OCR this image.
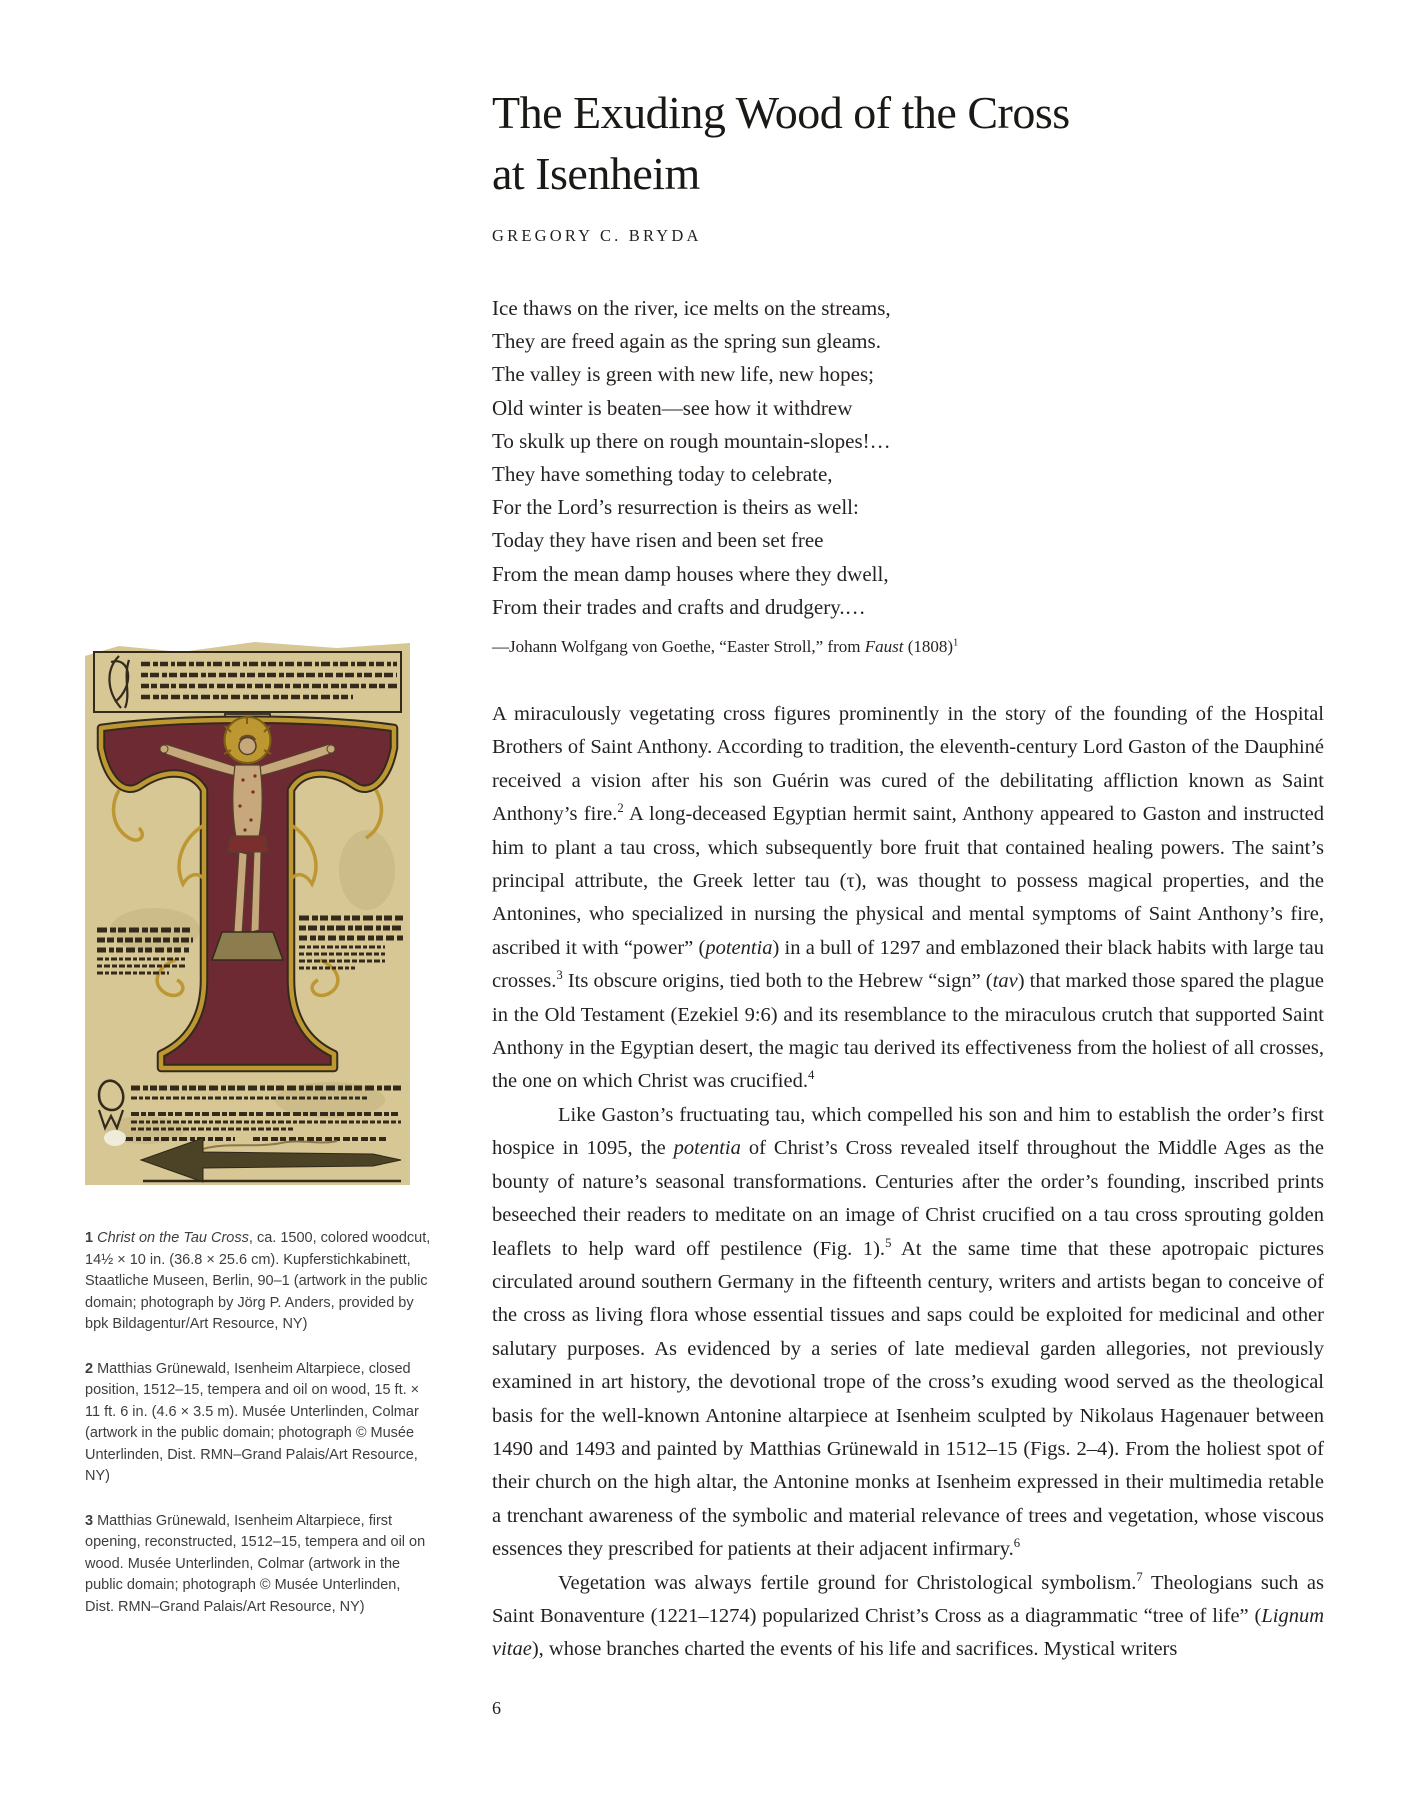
1 Christ on the Tau Cross, ca. 1500, colored woodcut, 14½ × 10 in. (36.8 × 25.6 cm). Kupferstichkabinett, Staatliche Museen, Berlin, 90–1 (artwork in the public domain; photograph by Jörg P. Anders, provided by bpk Bildagentur/Art Resource, NY)

2 Matthias Grünewald, Isenheim Altarpiece, closed position, 1512–15, tempera and oil on wood, 15 ft. × 11 ft. 6 in. (4.6 × 3.5 m). Musée Unterlinden, Colmar (artwork in the public domain; photograph © Musée Unterlinden, Dist. RMN–Grand Palais/Art Resource, NY)

3 Matthias Grünewald, Isenheim Altarpiece, first opening, reconstructed, 1512–15, tempera and oil on wood. Musée Unterlinden, Colmar (artwork in the public domain; photograph © Musée Unterlinden, Dist. RMN–Grand Palais/Art Resource, NY)

The Exuding Wood of the Cross
at Isenheim
GREGORY C. BRYDA
Ice thaws on the river, ice melts on the streams,
They are freed again as the spring sun gleams.
The valley is green with new life, new hopes;
Old winter is beaten—see how it withdrew
To skulk up there on rough mountain-slopes!…
They have something today to celebrate,
For the Lord’s resurrection is theirs as well:
Today they have risen and been set free
From the mean damp houses where they dwell,
From their trades and crafts and drudgery.…
—Johann Wolfgang von Goethe, “Easter Stroll,” from Faust $(1808)^1$

A miraculously vegetating cross figures prominently in the story of the founding of the Hospital Brothers of Saint Anthony. According to tradition, the eleventh-century Lord Gaston of the Dauphiné received a vision after his son Guérin was cured of the debilitating affliction known as Saint Anthony’s fire.$^2$ A long-deceased Egyptian hermit saint, Anthony appeared to Gaston and instructed him to plant a tau cross, which subsequently bore fruit that contained healing powers. The saint’s principal attribute, the Greek letter tau (τ), was thought to possess magical properties, and the Antonines, who specialized in nursing the physical and mental symptoms of Saint Anthony’s fire, ascribed it with “power” (potentia) in a bull of 1297 and emblazoned their black habits with large tau crosses.$^3$ Its obscure origins, tied both to the Hebrew “sign” (tav) that marked those spared the plague in the Old Testament (Ezekiel 9:6) and its resemblance to the miraculous crutch that supported Saint Anthony in the Egyptian desert, the magic tau derived its effectiveness from the holiest of all crosses, the one on which Christ was crucified.$^4$

Like Gaston’s fructuating tau, which compelled his son and him to establish the order’s first hospice in 1095, the potentia of Christ’s Cross revealed itself throughout the Middle Ages as the bounty of nature’s seasonal transformations. Centuries after the order’s founding, inscribed prints beseeched their readers to meditate on an image of Christ crucified on a tau cross sprouting golden leaflets to help ward off pestilence (Fig. 1).$^5$ At the same time that these apotropaic pictures circulated around southern Germany in the fifteenth century, writers and artists began to conceive of the cross as living flora whose essential tissues and saps could be exploited for medicinal and other salutary purposes. As evidenced by a series of late medieval garden allegories, not previously examined in art history, the devotional trope of the cross’s exuding wood served as the theological basis for the well-known Antonine altarpiece at Isenheim sculpted by Nikolaus Hagenauer between 1490 and 1493 and painted by Matthias Grünewald in 1512–15 (Figs. 2–4). From the holiest spot of their church on the high altar, the Antonine monks at Isenheim expressed in their multimedia retable a trenchant awareness of the symbolic and material relevance of trees and vegetation, whose viscous essences they prescribed for patients at their adjacent infirmary.$^6$

Vegetation was always fertile ground for Christological symbolism.$^7$ Theologians such as Saint Bonaventure (1221–1274) popularized Christ’s Cross as a diagrammatic “tree of life” (Lignum vitae), whose branches charted the events of his life and sacrifices. Mystical writers

6
